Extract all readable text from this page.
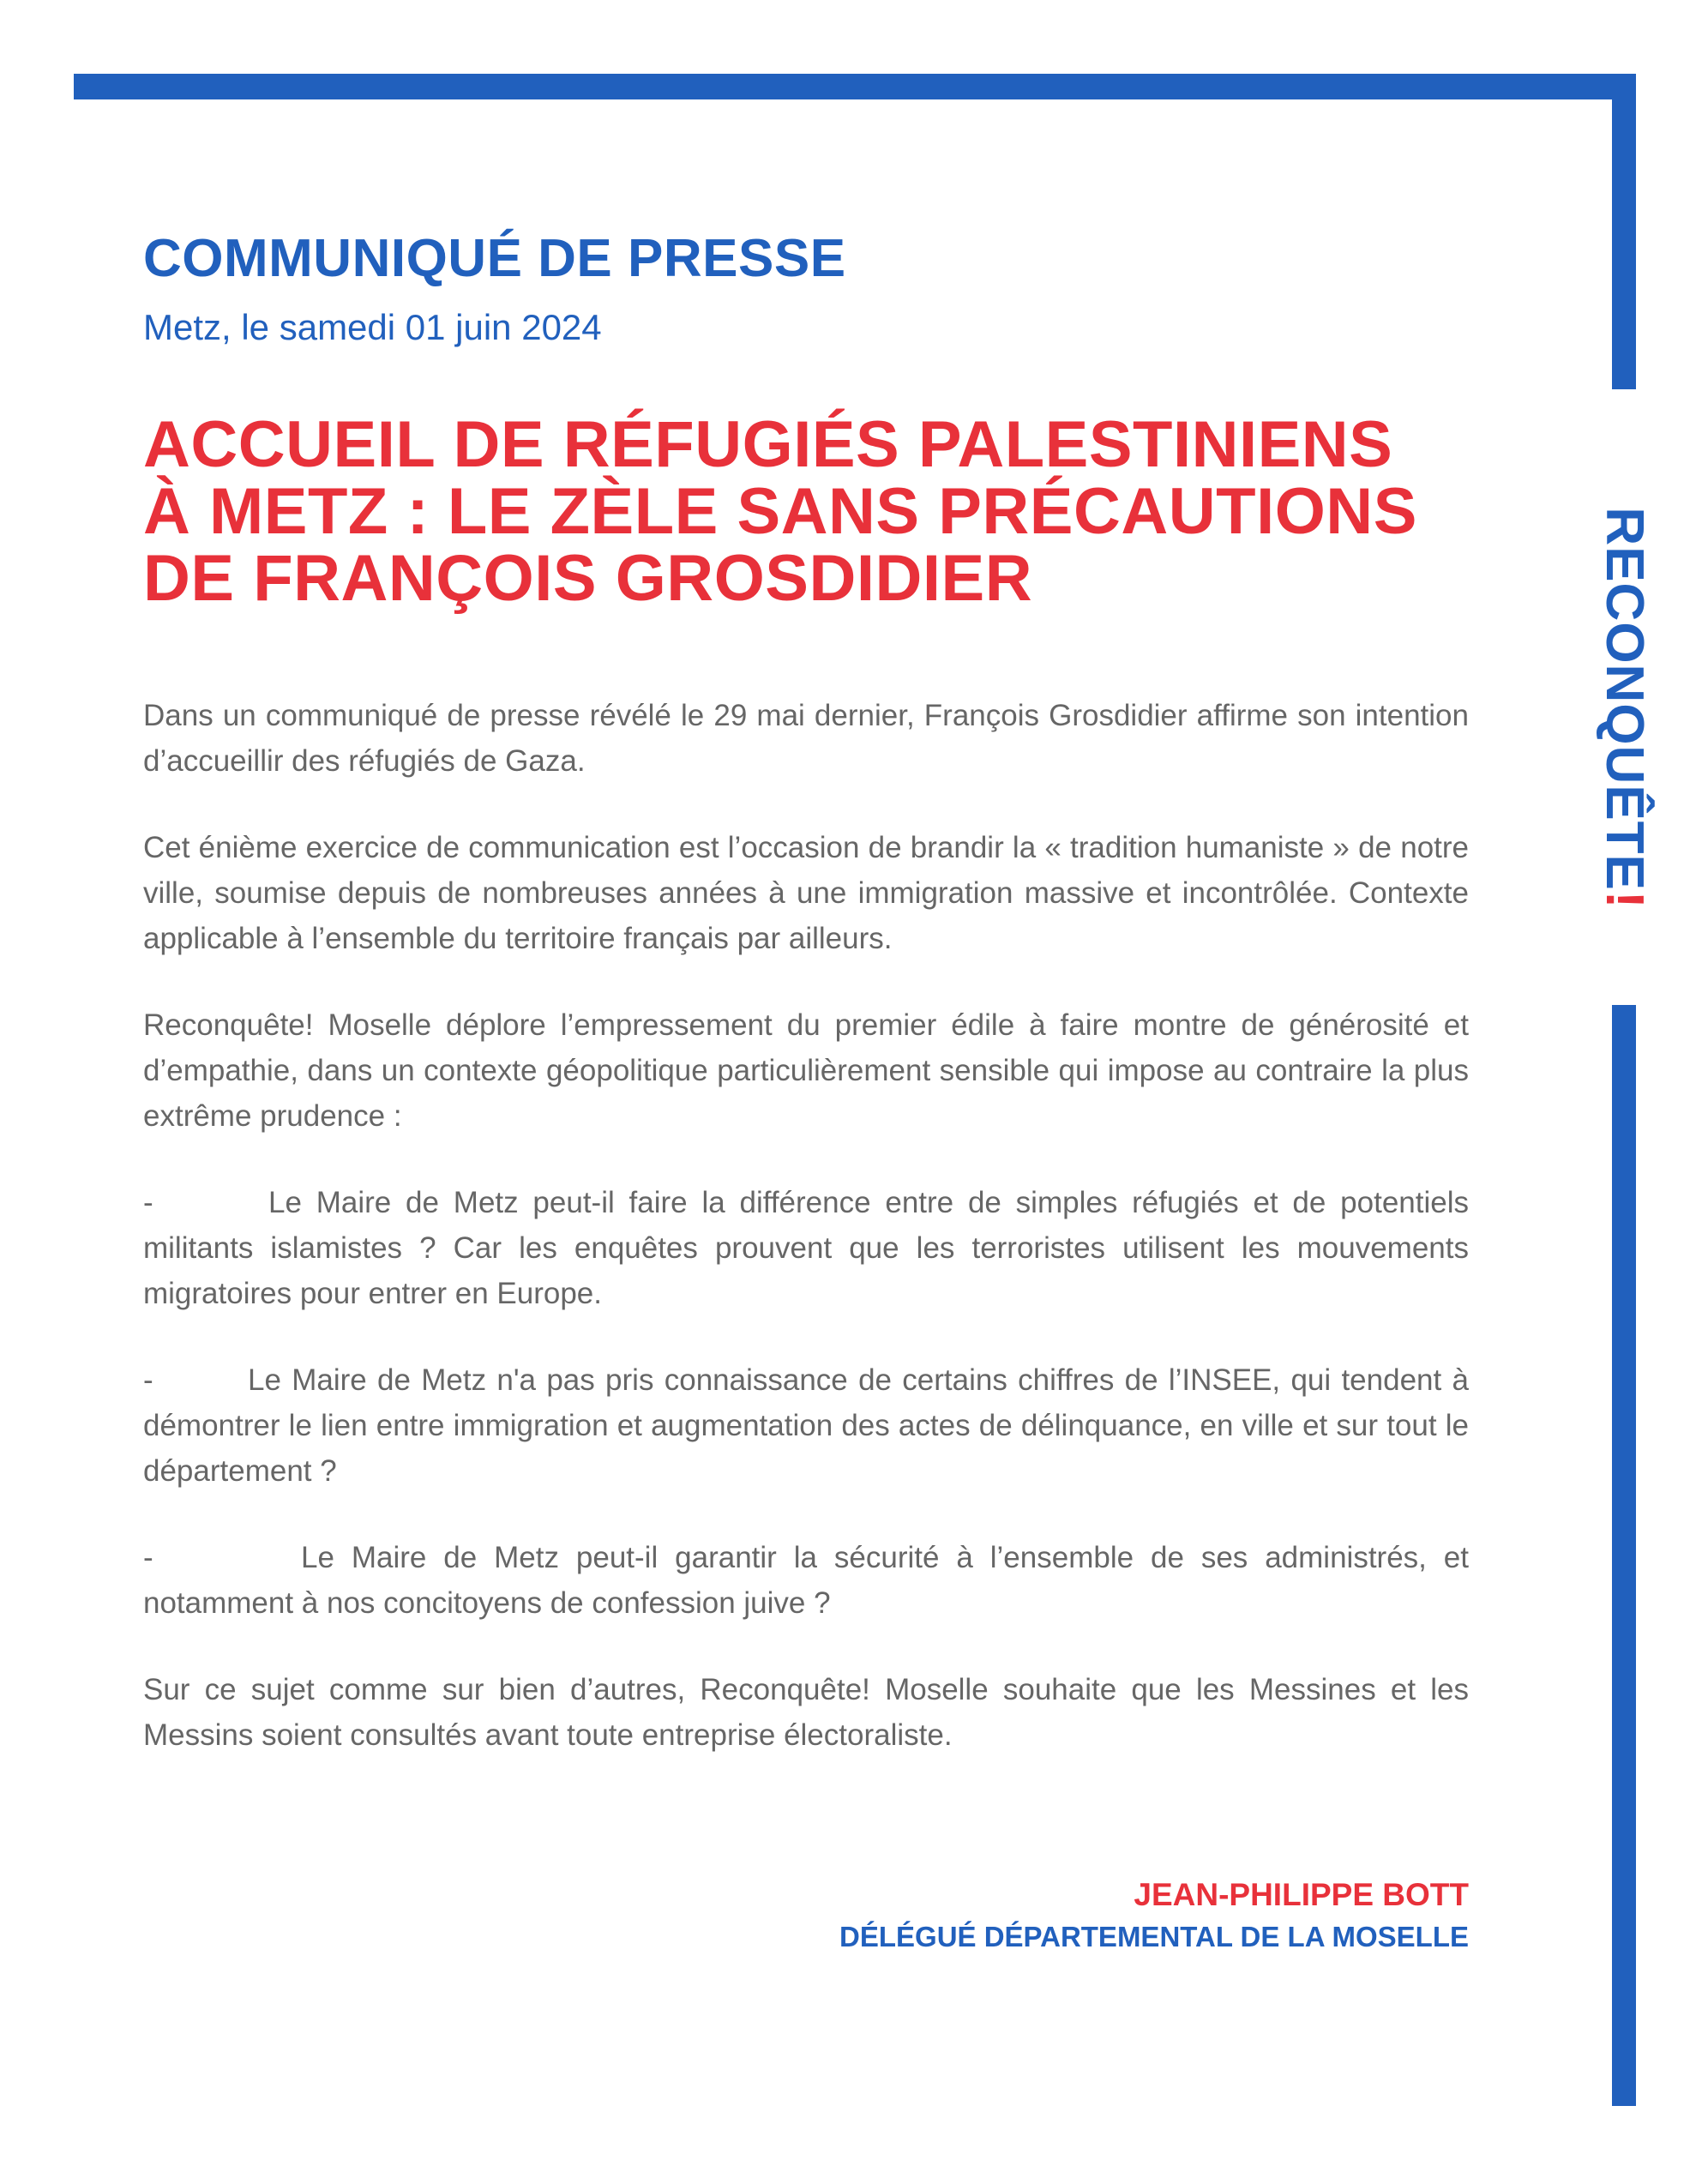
RECONQUÊTE!
COMMUNIQUÉ DE PRESSE
Metz, le samedi 01 juin 2024
ACCUEIL DE RÉFUGIÉS PALESTINIENS
À METZ : LE ZÈLE SANS PRÉCAUTIONS
DE FRANÇOIS GROSDIDIER

Dans un communiqué de presse révélé le 29 mai dernier, François Grosdidier affirme son intention d’accueillir des réfugiés de Gaza.

Cet énième exercice de communication est l’occasion de brandir la « tradition humaniste » de notre ville, soumise depuis de nombreuses années à une immigration massive et incontrôlée. Contexte applicable à l’ensemble du territoire français par ailleurs.

Reconquête! Moselle déplore l’empressement du premier édile à faire montre de générosité et d’empathie, dans un contexte géopolitique particulièrement sensible qui impose au contraire la plus extrême prudence :

-	Le Maire de Metz peut-il faire la différence entre de simples réfugiés et de potentiels militants islamistes ? Car les enquêtes prouvent que les terroristes utilisent les mouvements migratoires pour entrer en Europe.

-	Le Maire de Metz n'a pas pris connaissance de certains chiffres de l’INSEE, qui tendent à démontrer le lien entre immigration et augmentation des actes de délinquance, en ville et sur tout le département ?

-	Le Maire de Metz peut-il garantir la sécurité à l’ensemble de ses administrés, et notamment à nos concitoyens de confession juive ?

Sur ce sujet comme sur bien d’autres, Reconquête! Moselle souhaite que les Messines et les Messins soient consultés avant toute entreprise électoraliste.

JEAN-PHILIPPE BOTT
DÉLÉGUÉ DÉPARTEMENTAL DE LA MOSELLE
